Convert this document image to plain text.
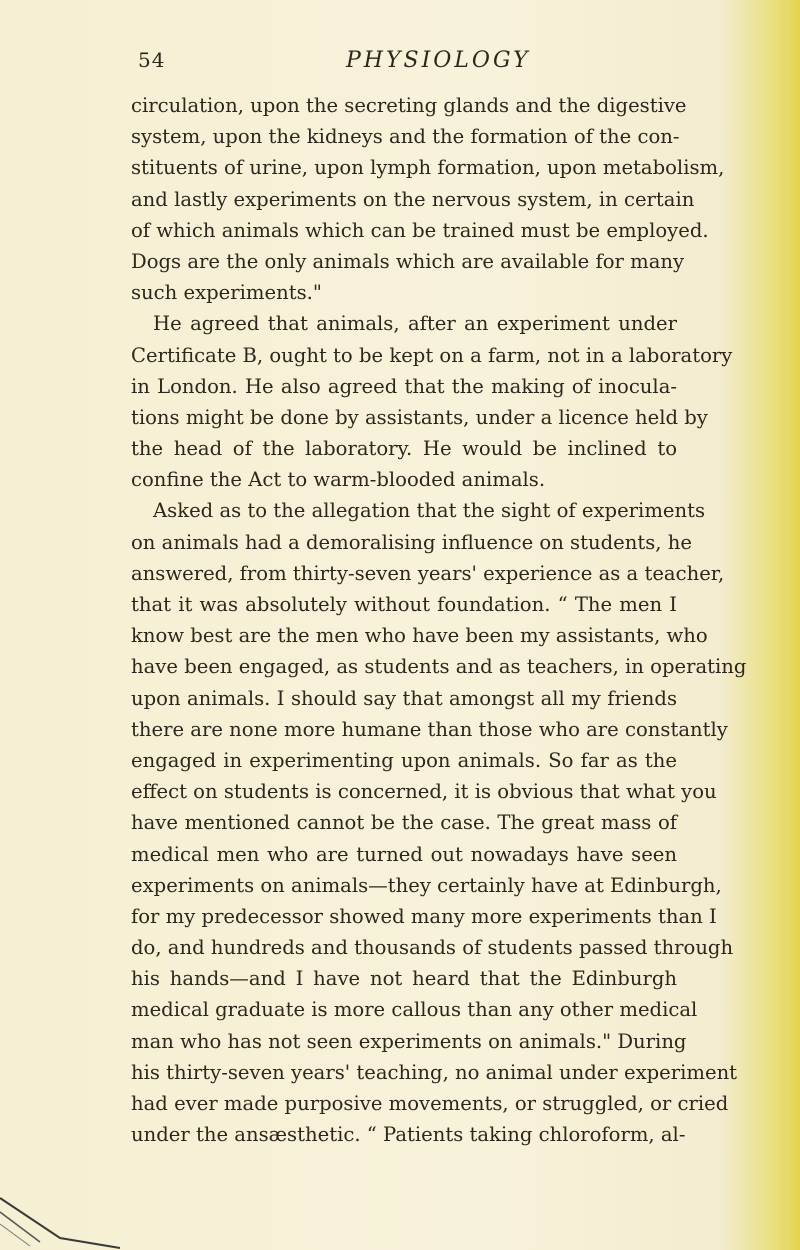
54	PHYSIOLOGY
circulation, upon the secreting glands and the digestive
system, upon the kidneys and the formation of the con-
stituents of urine, upon lymph formation, upon metabolism,
and lastly experiments on the nervous system, in certain
of which animals which can be trained must be employed.
Dogs are the only animals which are available for many
such experiments."
He agreed that animals, after an experiment under
Certificate B, ought to be kept on a farm, not in a laboratory
in London. He also agreed that the making of inocula-
tions might be done by assistants, under a licence held by
the head of the laboratory. He would be inclined to
confine the Act to warm-blooded animals.
Asked as to the allegation that the sight of experiments
on animals had a demoralising influence on students, he
answered, from thirty-seven years' experience as a teacher,
that it was absolutely without foundation. “ The men I
know best are the men who have been my assistants, who
have been engaged, as students and as teachers, in operating
upon animals. I should say that amongst all my friends
there are none more humane than those who are constantly
engaged in experimenting upon animals. So far as the
effect on students is concerned, it is obvious that what you
have mentioned cannot be the case. The great mass of
medical men who are turned out nowadays have seen
experiments on animals—they certainly have at Edinburgh,
for my predecessor showed many more experiments than I
do, and hundreds and thousands of students passed through
his hands—and I have not heard that the Edinburgh
medical graduate is more callous than any other medical
man who has not seen experiments on animals." During
his thirty-seven years' teaching, no animal under experiment
had ever made purposive movements, or struggled, or cried
under the ansæsthetic. “ Patients taking chloroform, al-
